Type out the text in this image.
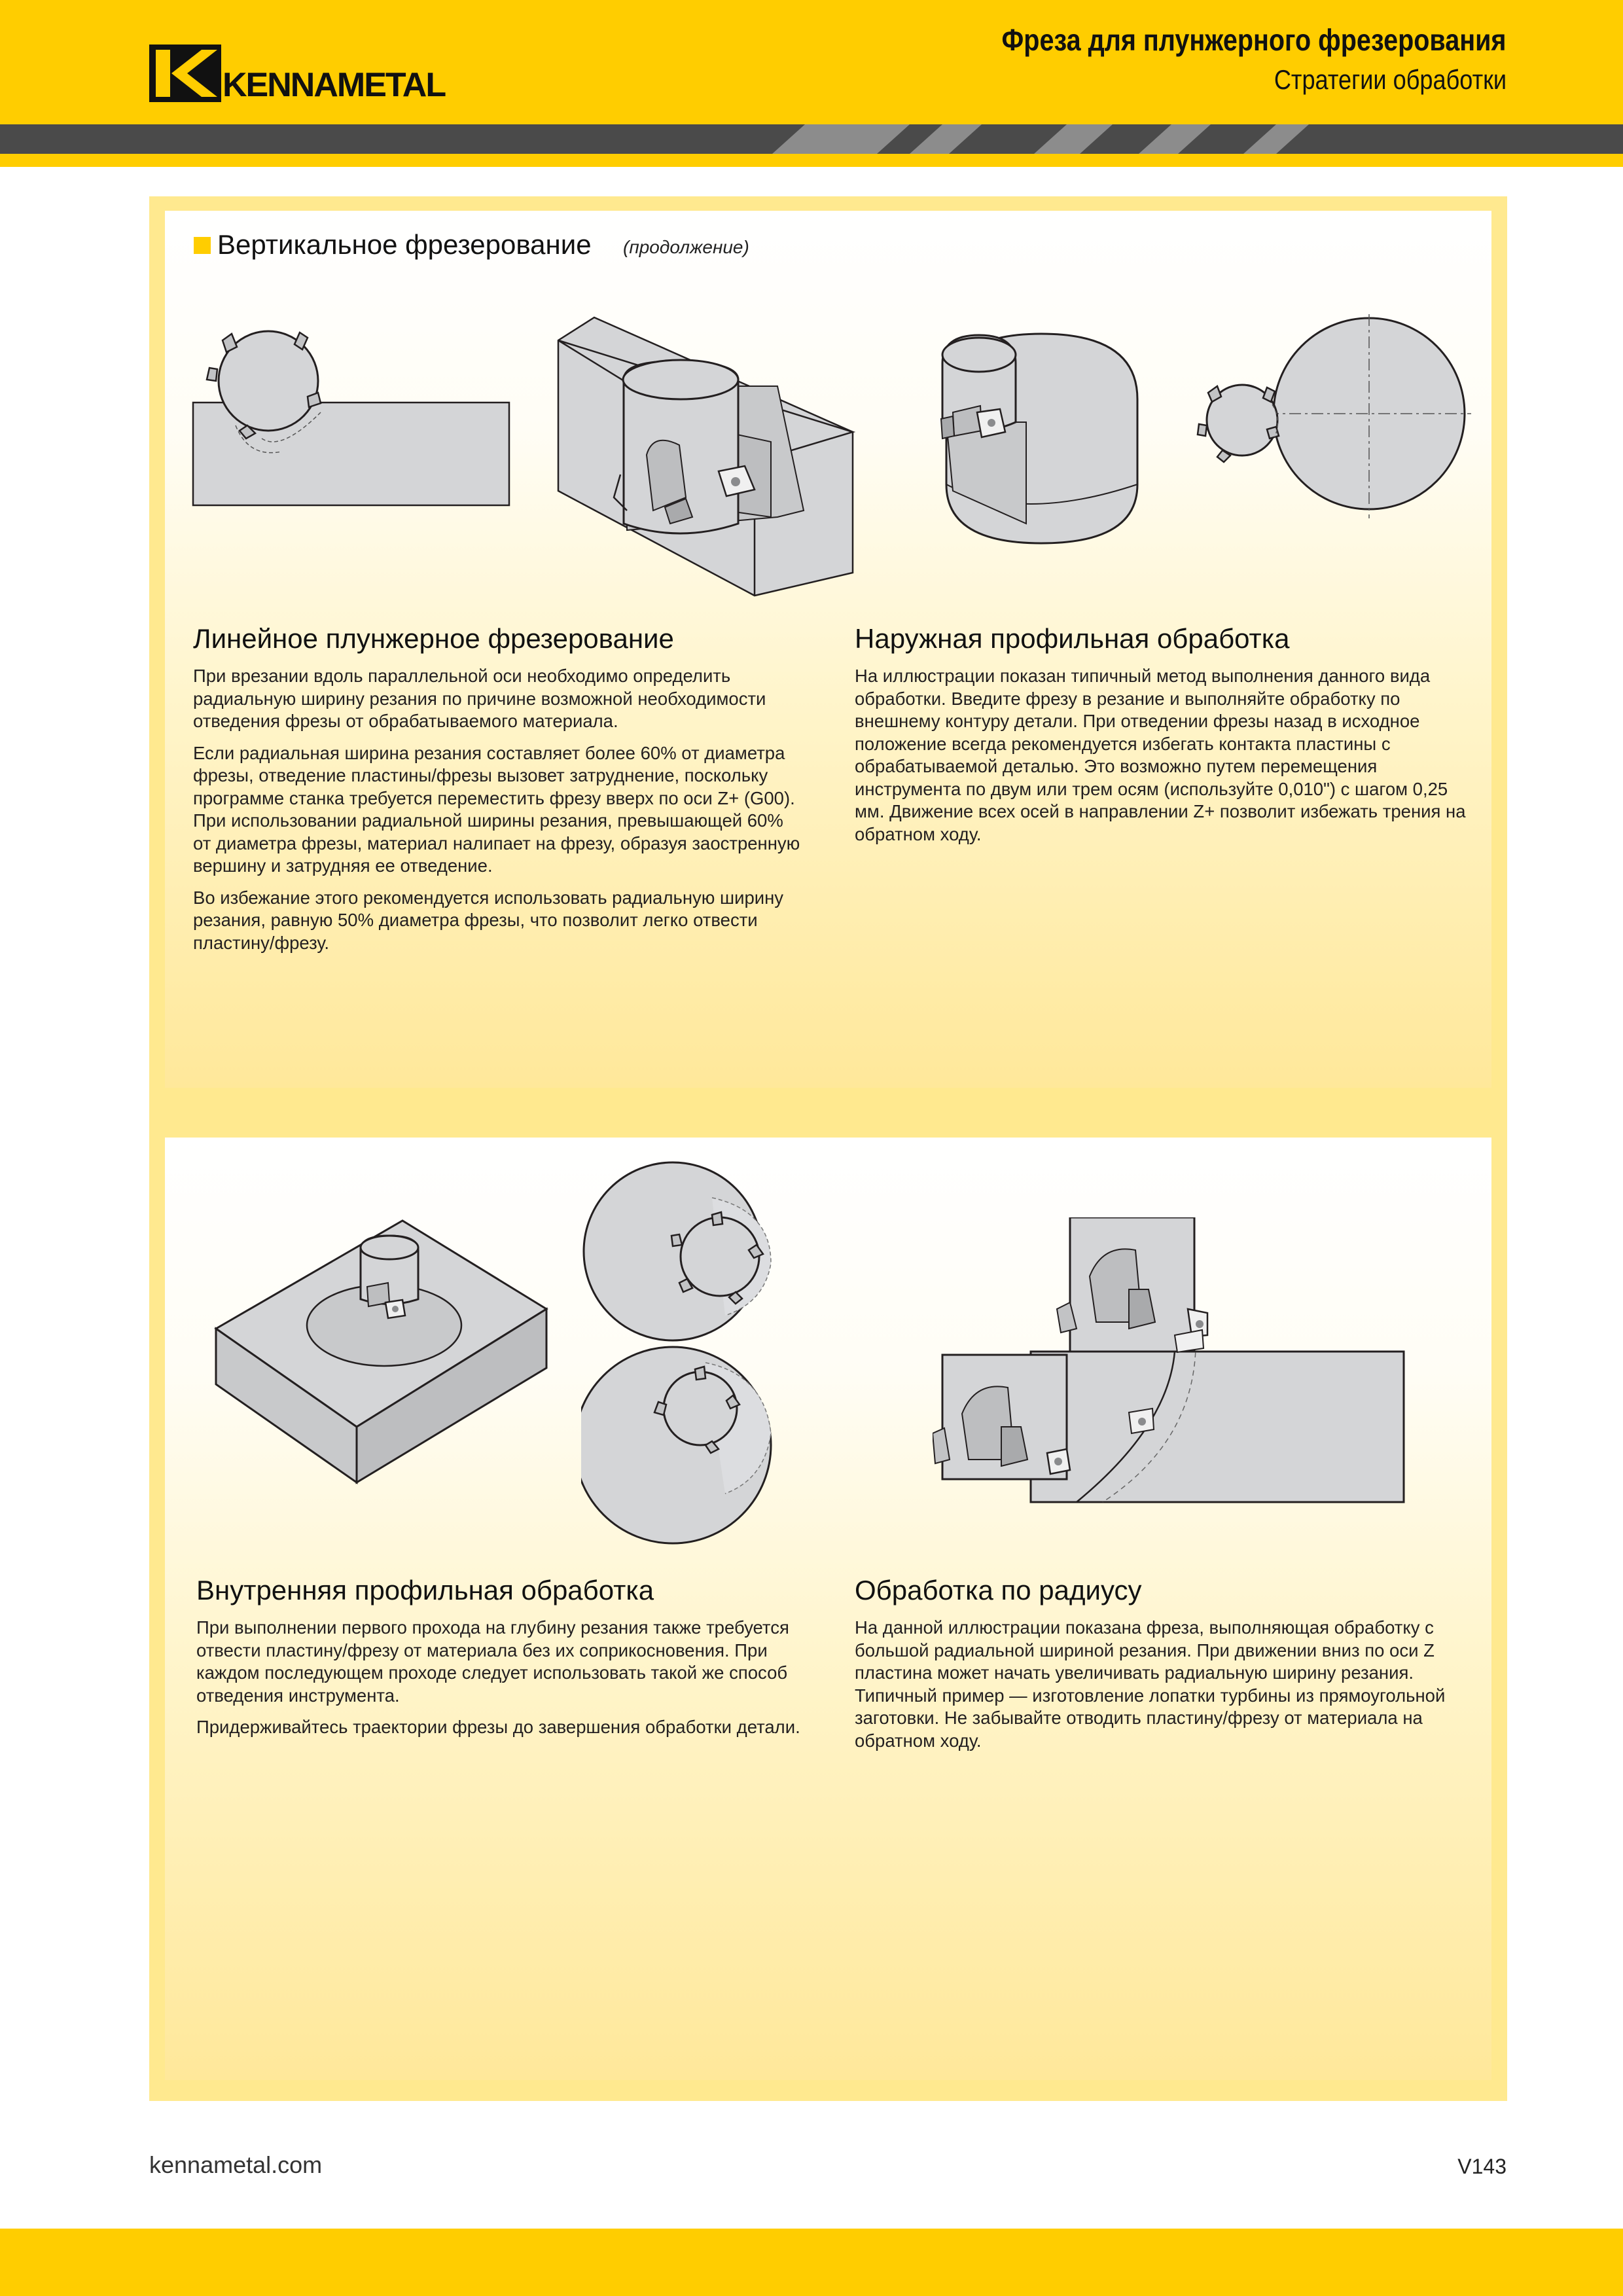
KENNAMETAL
Фреза для плунжерного фрезерования
Стратегии обработки
Вертикальное фрезерование (продолжение)
Линейное плунжерное фрезерование

При врезании вдоль параллельной оси необходимо определить радиальную ширину резания по причине возможной необходимости отведения фрезы от обрабатываемого материала.

Если радиальная ширина резания составляет более 60% от диаметра фрезы, отведение пластины/фрезы вызовет затруднение, поскольку программе станка требуется переместить фрезу вверх по оси Z+ (G00). При использовании радиальной ширины резания, превышающей 60% от диаметра фрезы, материал налипает на фрезу, образуя заостренную вершину и затрудняя ее отведение.

Во избежание этого рекомендуется использовать радиальную ширину резания, равную 50% диаметра фрезы, что позволит легко отвести пластину/фрезу.

Наружная профильная обработка

На иллюстрации показан типичный метод выполнения данного вида обработки. Введите фрезу в резание и выполняйте обработку по внешнему контуру детали. При отведении фрезы назад в исходное положение всегда рекомендуется избегать контакта пластины с обрабатываемой деталью. Это возможно путем перемещения инструмента по двум или трем осям (используйте 0,010") с шагом 0,25 мм. Движение всех осей в направлении Z+ позволит избежать трения на обратном ходу.

Внутренняя профильная обработка

При выполнении первого прохода на глубину резания также требуется отвести пластину/фрезу от материала без их соприкосновения. При каждом последующем проходе следует использовать такой же способ отведения инструмента.

Придерживайтесь траектории фрезы до завершения обработки детали.

Обработка по радиусу

На данной иллюстрации показана фреза, выполняющая обработку с большой радиальной шириной резания. При движении вниз по оси Z пластина может начать увеличивать радиальную ширину резания. Типичный пример — изготовление лопатки турбины из прямоугольной заготовки. Не забывайте отводить пластину/фрезу от материала на обратном ходу.

kennametal.com	V143
